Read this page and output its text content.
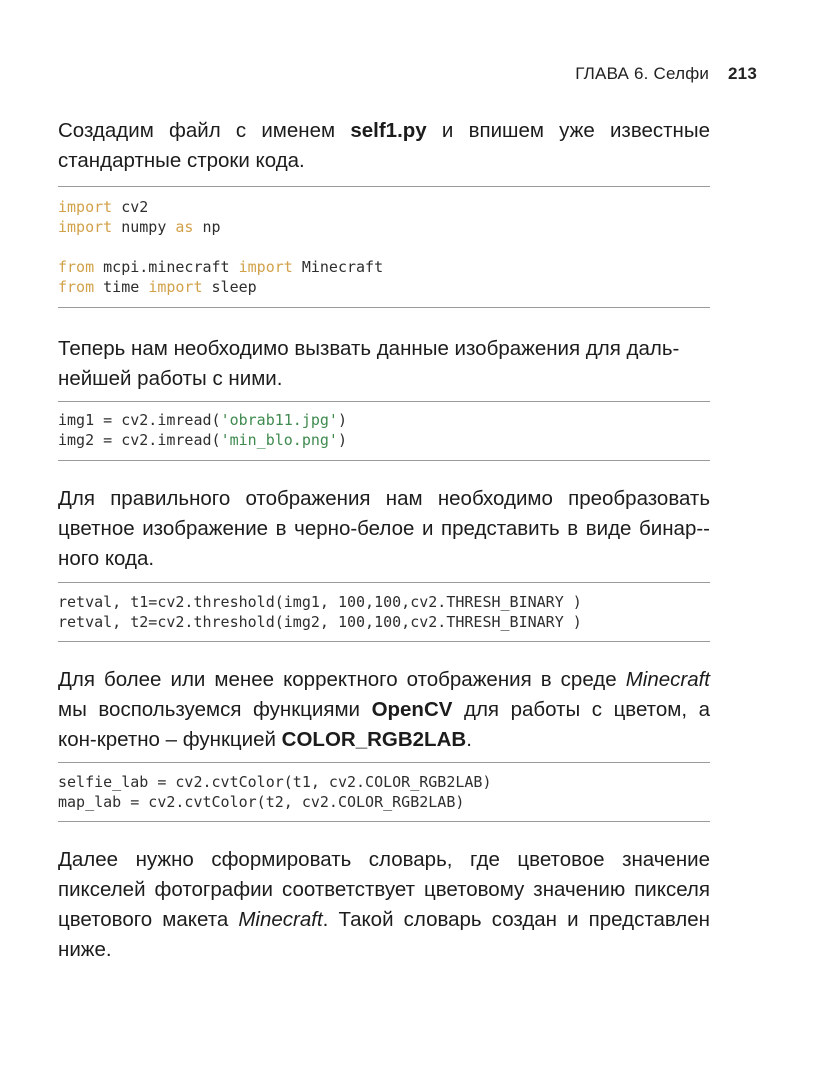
ГЛАВА 6. Селфи 213

Создадим файл с именем self1.py и впишем уже известные стандартные строки кода.

import cv2
import numpy as np
from mcpi.minecraft import Minecraft
from time import sleep

Теперь нам необходимо вызвать данные изображения для даль-
нейшей работы с ними.

img1 = cv2.imread('obrab11.jpg')
img2 = cv2.imread('min_blo.png')

Для правильного отображения нам необходимо преобразовать цветное изображение в черно-белое и представить в виде бинар-ного кода.

retval, t1=cv2.threshold(img1, 100,100,cv2.THRESH_BINARY )
retval, t2=cv2.threshold(img2, 100,100,cv2.THRESH_BINARY )

Для более или менее корректного отображения в среде Minecraft мы воспользуемся функциями OpenCV для работы с цветом, а кон-кретно – функцией COLOR_RGB2LAB.

selfie_lab = cv2.cvtColor(t1, cv2.COLOR_RGB2LAB)
map_lab = cv2.cvtColor(t2, cv2.COLOR_RGB2LAB)

Далее нужно сформировать словарь, где цветовое значение пикселей фотографии соответствует цветовому значению пикселя цветового макета Minecraft. Такой словарь создан и представлен ниже.
